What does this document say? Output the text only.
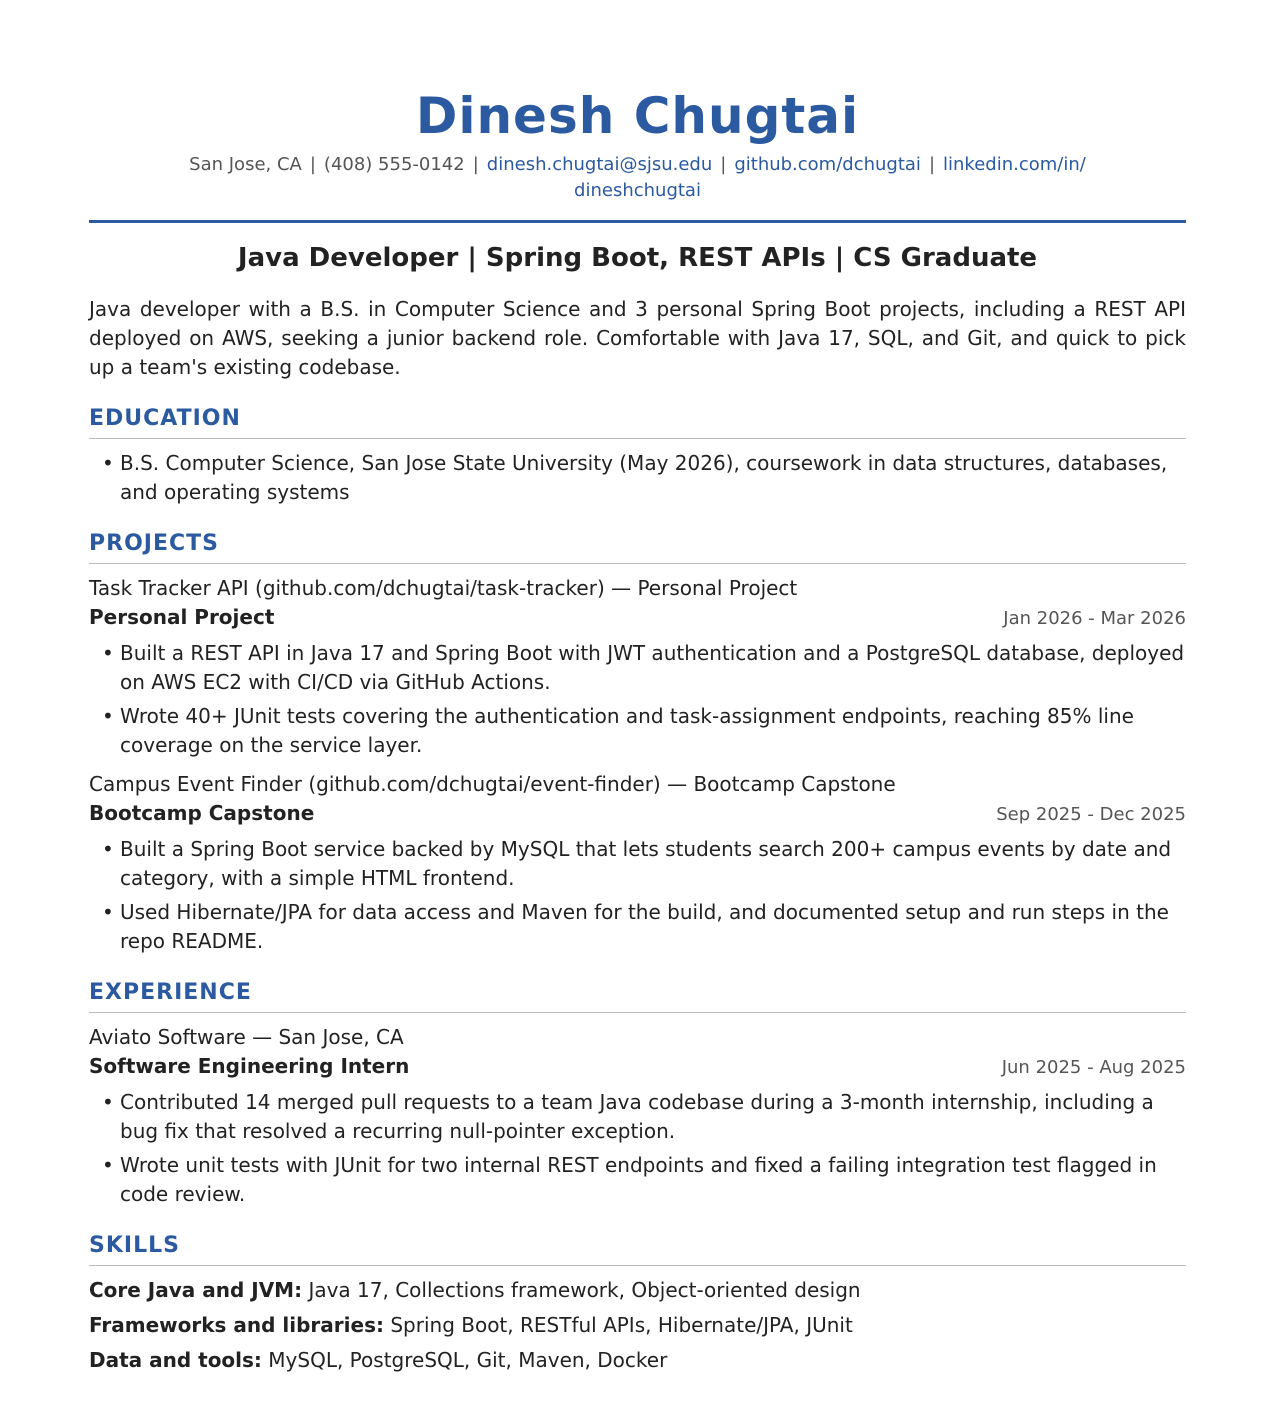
Dinesh Chugtai
San Jose, CA | (408) 555-0142 | dinesh.chugtai@sjsu.edu | github.com/dchugtai | linkedin.com/in/
dineshchugtai
Java Developer | Spring Boot, REST APIs | CS Graduate
Java developer with a B.S. in Computer Science and 3 personal Spring Boot projects, including a REST API deployed on AWS, seeking a junior backend role. Comfortable with Java 17, SQL, and Git, and quick to pick up a team's existing codebase.
EDUCATION
• B.S. Computer Science, San Jose State University (May 2026), coursework in data structures, databases, and operating systems
PROJECTS
Task Tracker API (github.com/dchugtai/task-tracker) — Personal Project
Personal Project	Jan 2026 - Mar 2026
• Built a REST API in Java 17 and Spring Boot with JWT authentication and a PostgreSQL database, deployed on AWS EC2 with CI/CD via GitHub Actions.
• Wrote 40+ JUnit tests covering the authentication and task-assignment endpoints, reaching 85% line coverage on the service layer.
Campus Event Finder (github.com/dchugtai/event-finder) — Bootcamp Capstone
Bootcamp Capstone	Sep 2025 - Dec 2025
• Built a Spring Boot service backed by MySQL that lets students search 200+ campus events by date and category, with a simple HTML frontend.
• Used Hibernate/JPA for data access and Maven for the build, and documented setup and run steps in the repo README.
EXPERIENCE
Aviato Software — San Jose, CA
Software Engineering Intern	Jun 2025 - Aug 2025
• Contributed 14 merged pull requests to a team Java codebase during a 3-month internship, including a bug fix that resolved a recurring null-pointer exception.
• Wrote unit tests with JUnit for two internal REST endpoints and fixed a failing integration test flagged in code review.
SKILLS
Core Java and JVM: Java 17, Collections framework, Object-oriented design
Frameworks and libraries: Spring Boot, RESTful APIs, Hibernate/JPA, JUnit
Data and tools: MySQL, PostgreSQL, Git, Maven, Docker
